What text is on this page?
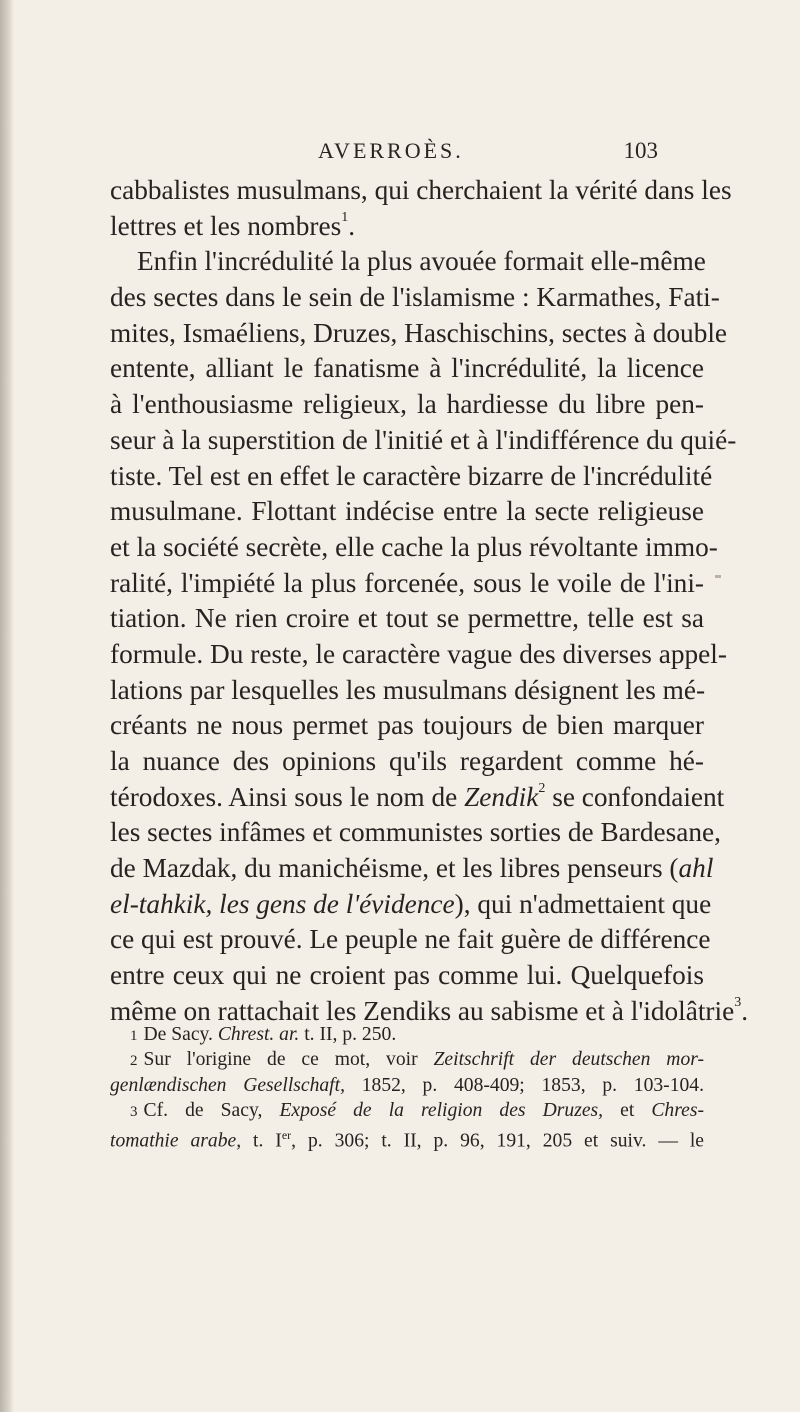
AVERROÈS.	103
cabbalistes musulmans, qui cherchaient la vérité dans les
lettres et les nombres$^1$.
Enfin l'incrédulité la plus avouée formait elle-même
des sectes dans le sein de l'islamisme : Karmathes, Fati-
mites, Ismaéliens, Druzes, Haschischins, sectes à double
entente, alliant le fanatisme à l'incrédulité, la licence
à l'enthousiasme religieux, la hardiesse du libre pen-
seur à la superstition de l'initié et à l'indifférence du quié-
tiste. Tel est en effet le caractère bizarre de l'incrédulité
musulmane. Flottant indécise entre la secte religieuse
et la société secrète, elle cache la plus révoltante immo-
ralité, l'impiété la plus forcenée, sous le voile de l'ini-
tiation. Ne rien croire et tout se permettre, telle est sa
formule. Du reste, le caractère vague des diverses appel-
lations par lesquelles les musulmans désignent les mé-
créants ne nous permet pas toujours de bien marquer
la nuance des opinions qu'ils regardent comme hé-
térodoxes. Ainsi sous le nom de Zendik$^2$ se confondaient
les sectes infâmes et communistes sorties de Bardesane,
de Mazdak, du manichéisme, et les libres penseurs (ahl
el-tahkik, les gens de l'évidence), qui n'admettaient que
ce qui est prouvé. Le peuple ne fait guère de différence
entre ceux qui ne croient pas comme lui. Quelquefois
même on rattachait les Zendiks au sabisme et à l'idolâtrie$^3$.
1 De Sacy. Chrest. ar. t. II, p. 250.
2 Sur l'origine de ce mot, voir Zeitschrift der deutschen mor-
genlændischen Gesellschaft, 1852, p. 408-409; 1853, p. 103-104.
3 Cf. de Sacy, Exposé de la religion des Druzes, et Chres-
tomathie arabe, t. Ier, p. 306; t. II, p. 96, 191, 205 et suiv. — le
